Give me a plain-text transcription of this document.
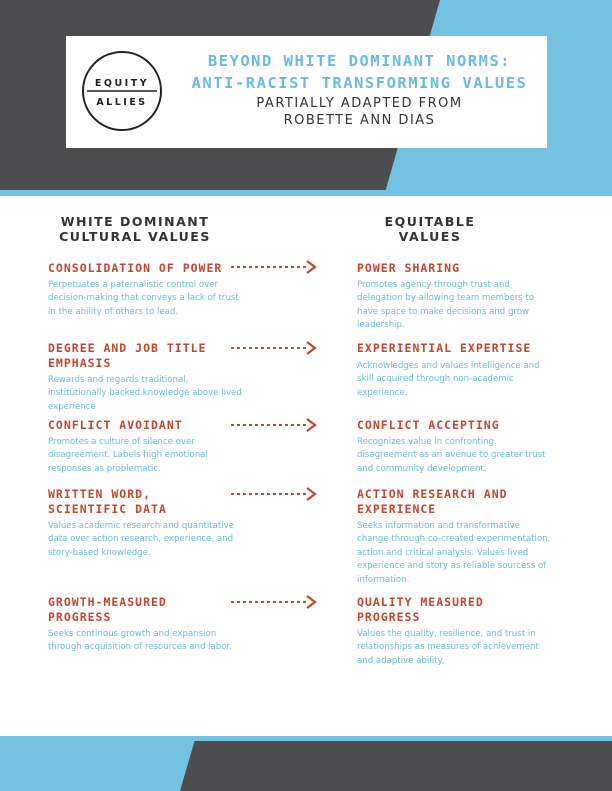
EQUITY
ALLIES
BEYOND WHITE DOMINANT NORMS:
ANTI-RACIST TRANSFORMING VALUES
PARTIALLY ADAPTED FROM
ROBETTE ANN DIAS
WHITE DOMINANT
CULTURAL VALUES
EQUITABLE
VALUES
CONSOLIDATION OF POWER
Perpetuates a paternalistic control over decision-making that conveys a lack of trust in the ability of others to lead.
POWER SHARING
Promotes agency through trust and delegation by allowing team members to have space to make decisions and grow leadership.
DEGREE AND JOB TITLE
EMPHASIS
Rewards and regards traditional, institutionally backed knowledge above lived experience
EXPERIENTIAL EXPERTISE
Acknowledges and values intelligence and skill acquired through non-academic experience.
CONFLICT AVOIDANT
Promotes a culture of silence over disagreement. Labels high emotional responses as problematic.
CONFLICT ACCEPTING
Recognizes value in confronting disagreement as an avenue to greater trust and community development.
WRITTEN WORD,
SCIENTIFIC DATA
Values academic research and quantitative data over action research, experience, and story-based knowledge.
ACTION RESEARCH AND
EXPERIENCE
Seeks information and transformative change through co-created experimentation, action and critical analysis. Values lived experience and story as reliable sourcess of information.
GROWTH-MEASURED
PROGRESS
Seeks continous growth and expansion through acquisition of resources and labor.
QUALITY MEASURED
PROGRESS
Values the quality, resilience, and trust in relationships as measures of achievement and adaptive ability.
